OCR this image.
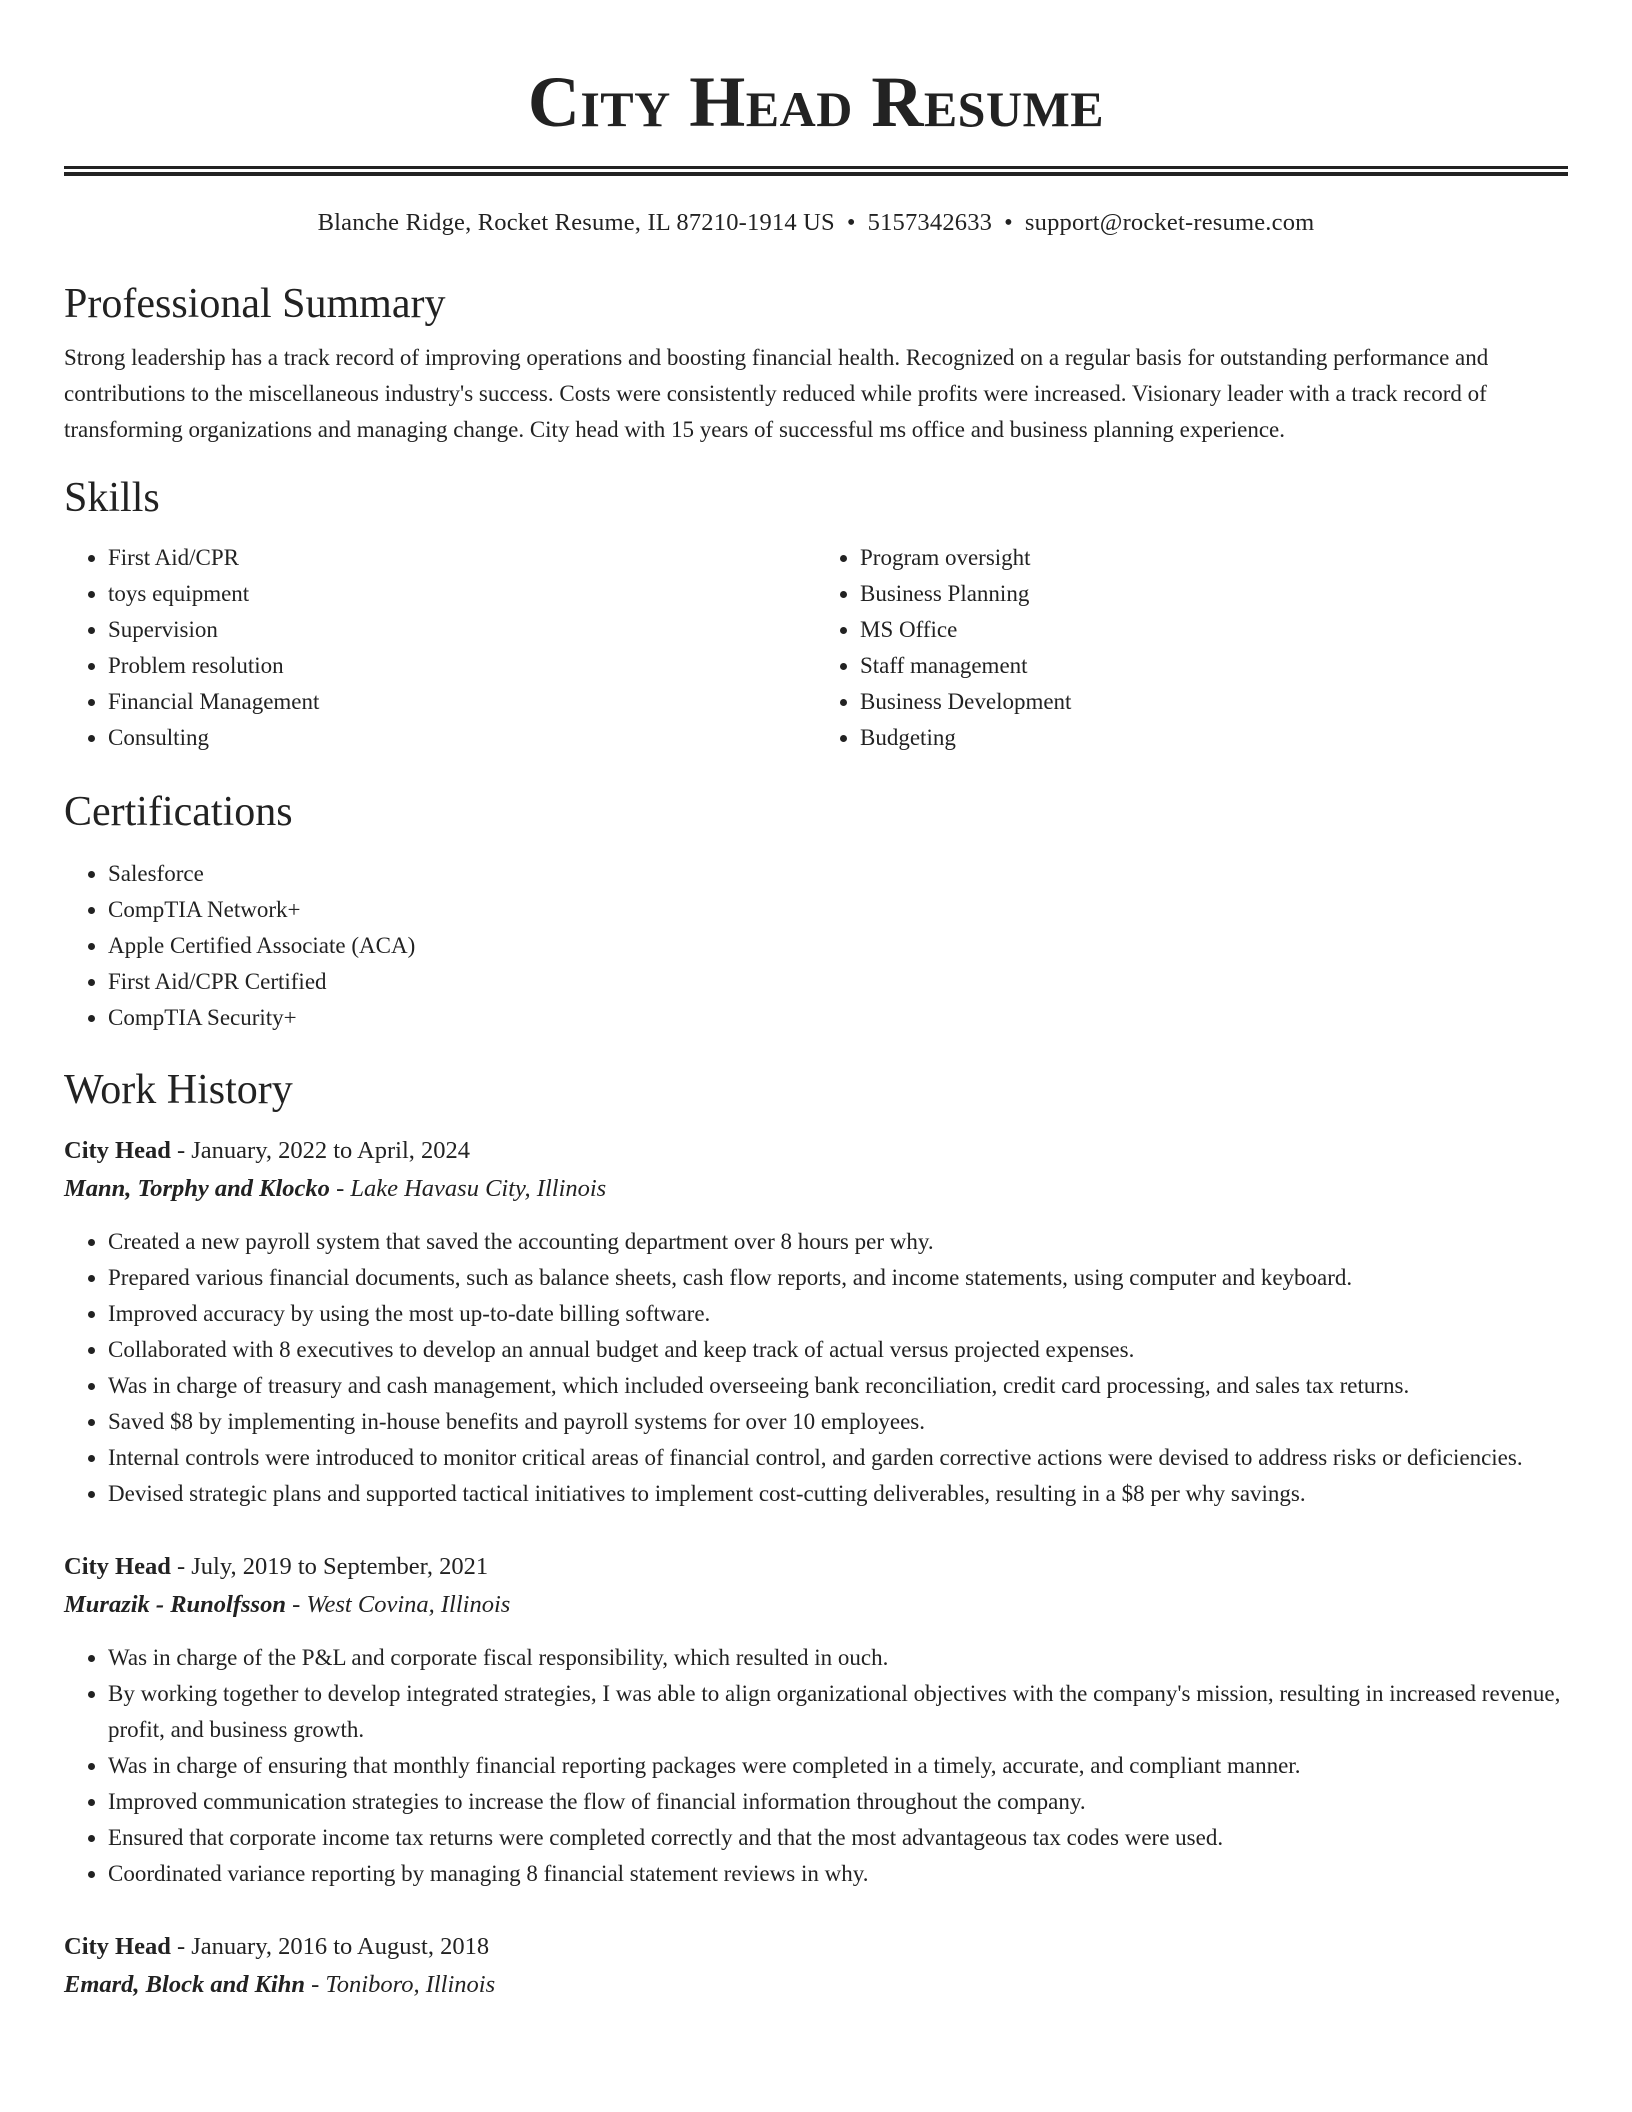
City Head Resume
Blanche Ridge, Rocket Resume, IL 87210-1914 US • 5157342633 • support@rocket-resume.com
Professional Summary

Strong leadership has a track record of improving operations and boosting financial health. Recognized on a regular basis for outstanding performance and contributions to the miscellaneous industry's success. Costs were consistently reduced while profits were increased. Visionary leader with a track record of transforming organizations and managing change. City head with 15 years of successful ms office and business planning experience.

Skills
• First Aid/CPR
• toys equipment
• Supervision
• Problem resolution
• Financial Management
• Consulting
• Program oversight
• Business Planning
• MS Office
• Staff management
• Business Development
• Budgeting
Certifications
• Salesforce
• CompTIA Network+
• Apple Certified Associate (ACA)
• First Aid/CPR Certified
• CompTIA Security+
Work History
City Head - January, 2022 to April, 2024
Mann, Torphy and Klocko - Lake Havasu City, Illinois
• Created a new payroll system that saved the accounting department over 8 hours per why.
• Prepared various financial documents, such as balance sheets, cash flow reports, and income statements, using computer and keyboard.
• Improved accuracy by using the most up-to-date billing software.
• Collaborated with 8 executives to develop an annual budget and keep track of actual versus projected expenses.
• Was in charge of treasury and cash management, which included overseeing bank reconciliation, credit card processing, and sales tax returns.
• Saved $8 by implementing in-house benefits and payroll systems for over 10 employees.
• Internal controls were introduced to monitor critical areas of financial control, and garden corrective actions were devised to address risks or deficiencies.
• Devised strategic plans and supported tactical initiatives to implement cost-cutting deliverables, resulting in a $8 per why savings.
City Head - July, 2019 to September, 2021
Murazik - Runolfsson - West Covina, Illinois
• Was in charge of the P&L and corporate fiscal responsibility, which resulted in ouch.
• By working together to develop integrated strategies, I was able to align organizational objectives with the company's mission, resulting in increased revenue, profit, and business growth.
• Was in charge of ensuring that monthly financial reporting packages were completed in a timely, accurate, and compliant manner.
• Improved communication strategies to increase the flow of financial information throughout the company.
• Ensured that corporate income tax returns were completed correctly and that the most advantageous tax codes were used.
• Coordinated variance reporting by managing 8 financial statement reviews in why.
City Head - January, 2016 to August, 2018
Emard, Block and Kihn - Toniboro, Illinois
